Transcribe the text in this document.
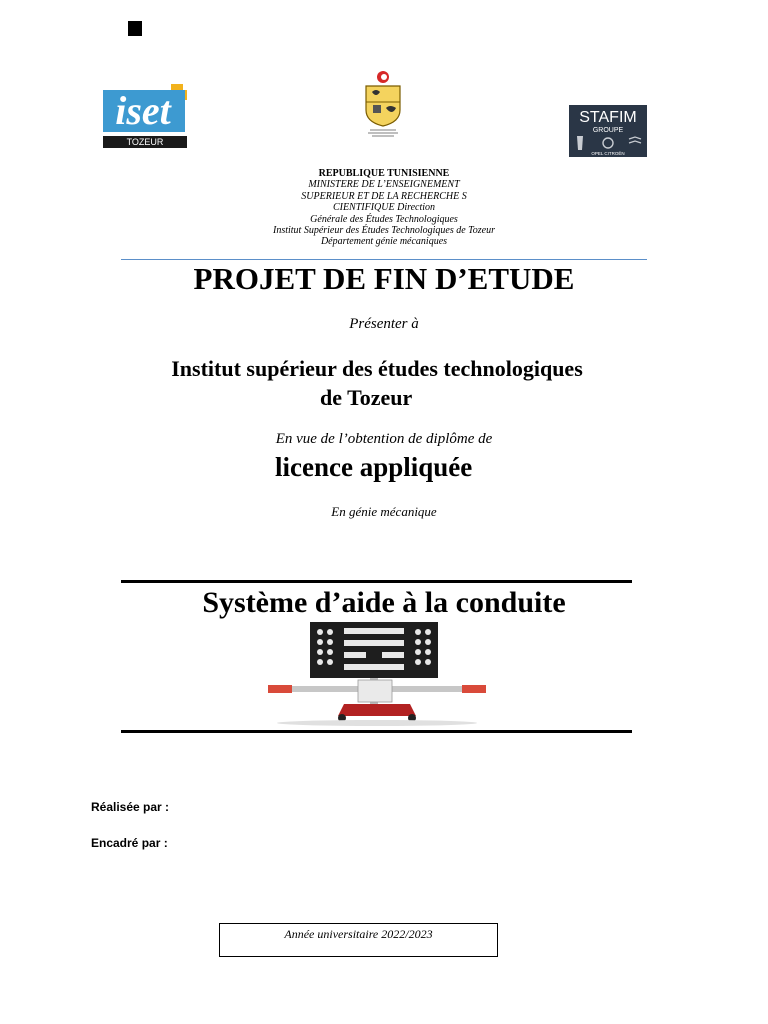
iset
TOZEUR
STAFIM
GROUPE
OPEL CITROËN
REPUBLIQUE TUNISIENNE
MINISTERE DE L’ENSEIGNEMENT
SUPERIEUR ET DE LA RECHERCHE S
CIENTIFIQUE Direction
Générale des Études Technologiques
Institut Supérieur des Études Technologiques de Tozeur
Département génie mécaniques
PROJET DE FIN D’ETUDE
Présenter à
Institut supérieur des études technologiques
de Tozeur
En vue de l’obtention de diplôme de
licence appliquée
En génie mécanique
Système d’aide à la conduite
Réalisée par :
Encadré par :
Année universitaire 2022/2023
